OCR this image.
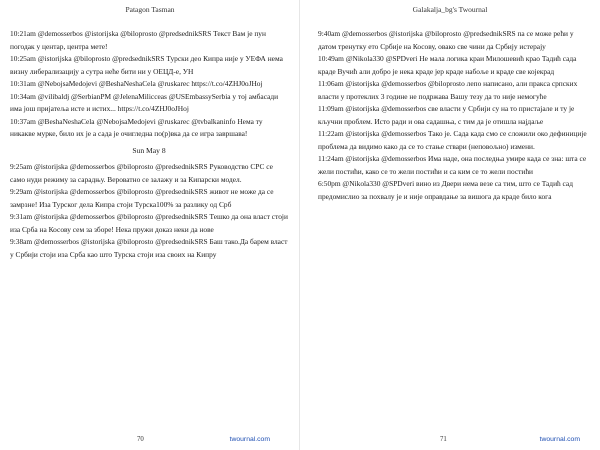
Patagon Tasman

10:21am @demosserbos @istorijska @biloprosto @predsednikSRS Текст Вам је пун погодак у центар, центра мете!

10:25am @istorijska @biloprosto @predsednikSRS Турски део Кипра није у УЕФА нема визну либерализацију а сутра нећe бити ни у ОЕЦД-е, УН

10:31am @NebojsaMedojevi @BeshaNeshaCela @ruskarec https://t.co/4ZHJ0oJHoj

10:34am @vilibaldj @SerbianPM @JelenaMilicceas @USEmbassySerbia у тој амбасади има још пријатеља исте и истих... https://t.co/4ZHJ0oJHoj

10:37am @BeshaNeshaCela @NebojsaMedojevi @ruskarec @tvbalkaninfo Нема ту никакве мурке, било их је а сада је очигледна по(р)вка да се игра завршава!

Sun May 8

9:25am @istorijska @demosserbos @biloprosto @predsednikSRS Руководство СРС се само нуди режиму за сарадњу. Вероватно се залажу и за Кипарски модел.

9:29am @istorijska @demosserbos @biloprosto @predsednikSRS живот не може да се замрзне! Иза Турског дела Кипра стоји Турска100% за разлику од Срб

9:31am @istorijska @demosserbos @biloprosto @predsednikSRS Тешко да она власт стоји иза Срба на Косову сем за зборе! Нека пружи доказ неки да нове

9:38am @demosserbos @istorijska @biloprosto @predsednikSRS Баш тако.Да барем власт у Србији стоји иза Срба као што Турска стоји иза своих на Кипру

70	twournal.com
Galakalja_bg's Twournal

9:40am @demosserbos @istorijska @biloprosto @predsednikSRS па се може рећи у датом тренутку ето Србије на Косову, овако све чини да Србију истерају

10:49am @Nikola330 @SPDveri Не мала логика краи Милошевић крао Тадић сада краде Вучић али добро је нека краде јер краде набоље и краде све којекрад

11:06am @istorijska @demosserbos @biloprosto лепо написано, али пракса српских власти у протеклих 3 године не подржава Вашу тезу да то није немогуће

11:09am @istorijska @demosserbos све власти у Србији су на то пристајале и ту је кључни проблем. Исто ради и ова садашња, с тим да је отишла најдаље

11:22am @istorijska @demosserbos Тако је. Сада када смо се сложили око дефиниције проблема да видимо како да се то стање ствари (неповољно) измени.

11:24am @istorijska @demosserbos Има наде, она последња умире када се зна: шта се жели постићи, како се то жели постићи и са ким се то жели постићи

6:50pm @Nikola330 @SPDveri вино из Двери нема везе са тим, што се Тадић сад предомислио за похвалу је и није оправдање за вишога да краде било кога

71	twournal.com
